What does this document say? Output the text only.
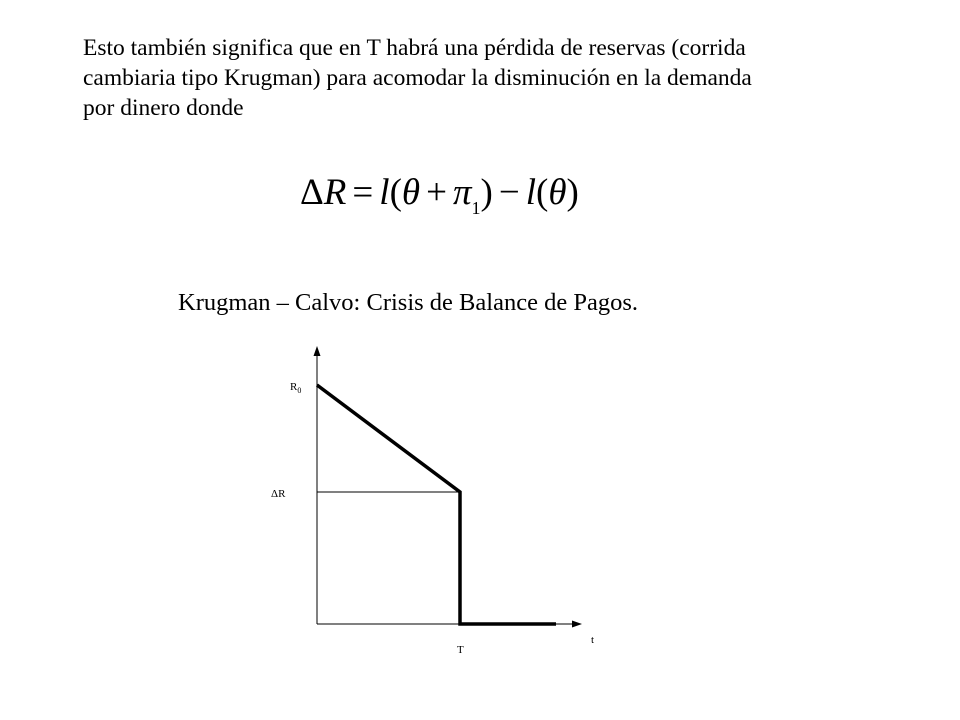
Esto también significa que en T habrá una pérdida de reservas (corrida
cambiaria tipo Krugman) para acomodar la disminución en la demanda
por dinero donde
$\Delta R = l(\theta + \pi_1) - l(\theta)$
Krugman – Calvo: Crisis de Balance de Pagos.
$R_0$
ΔR
t
T
